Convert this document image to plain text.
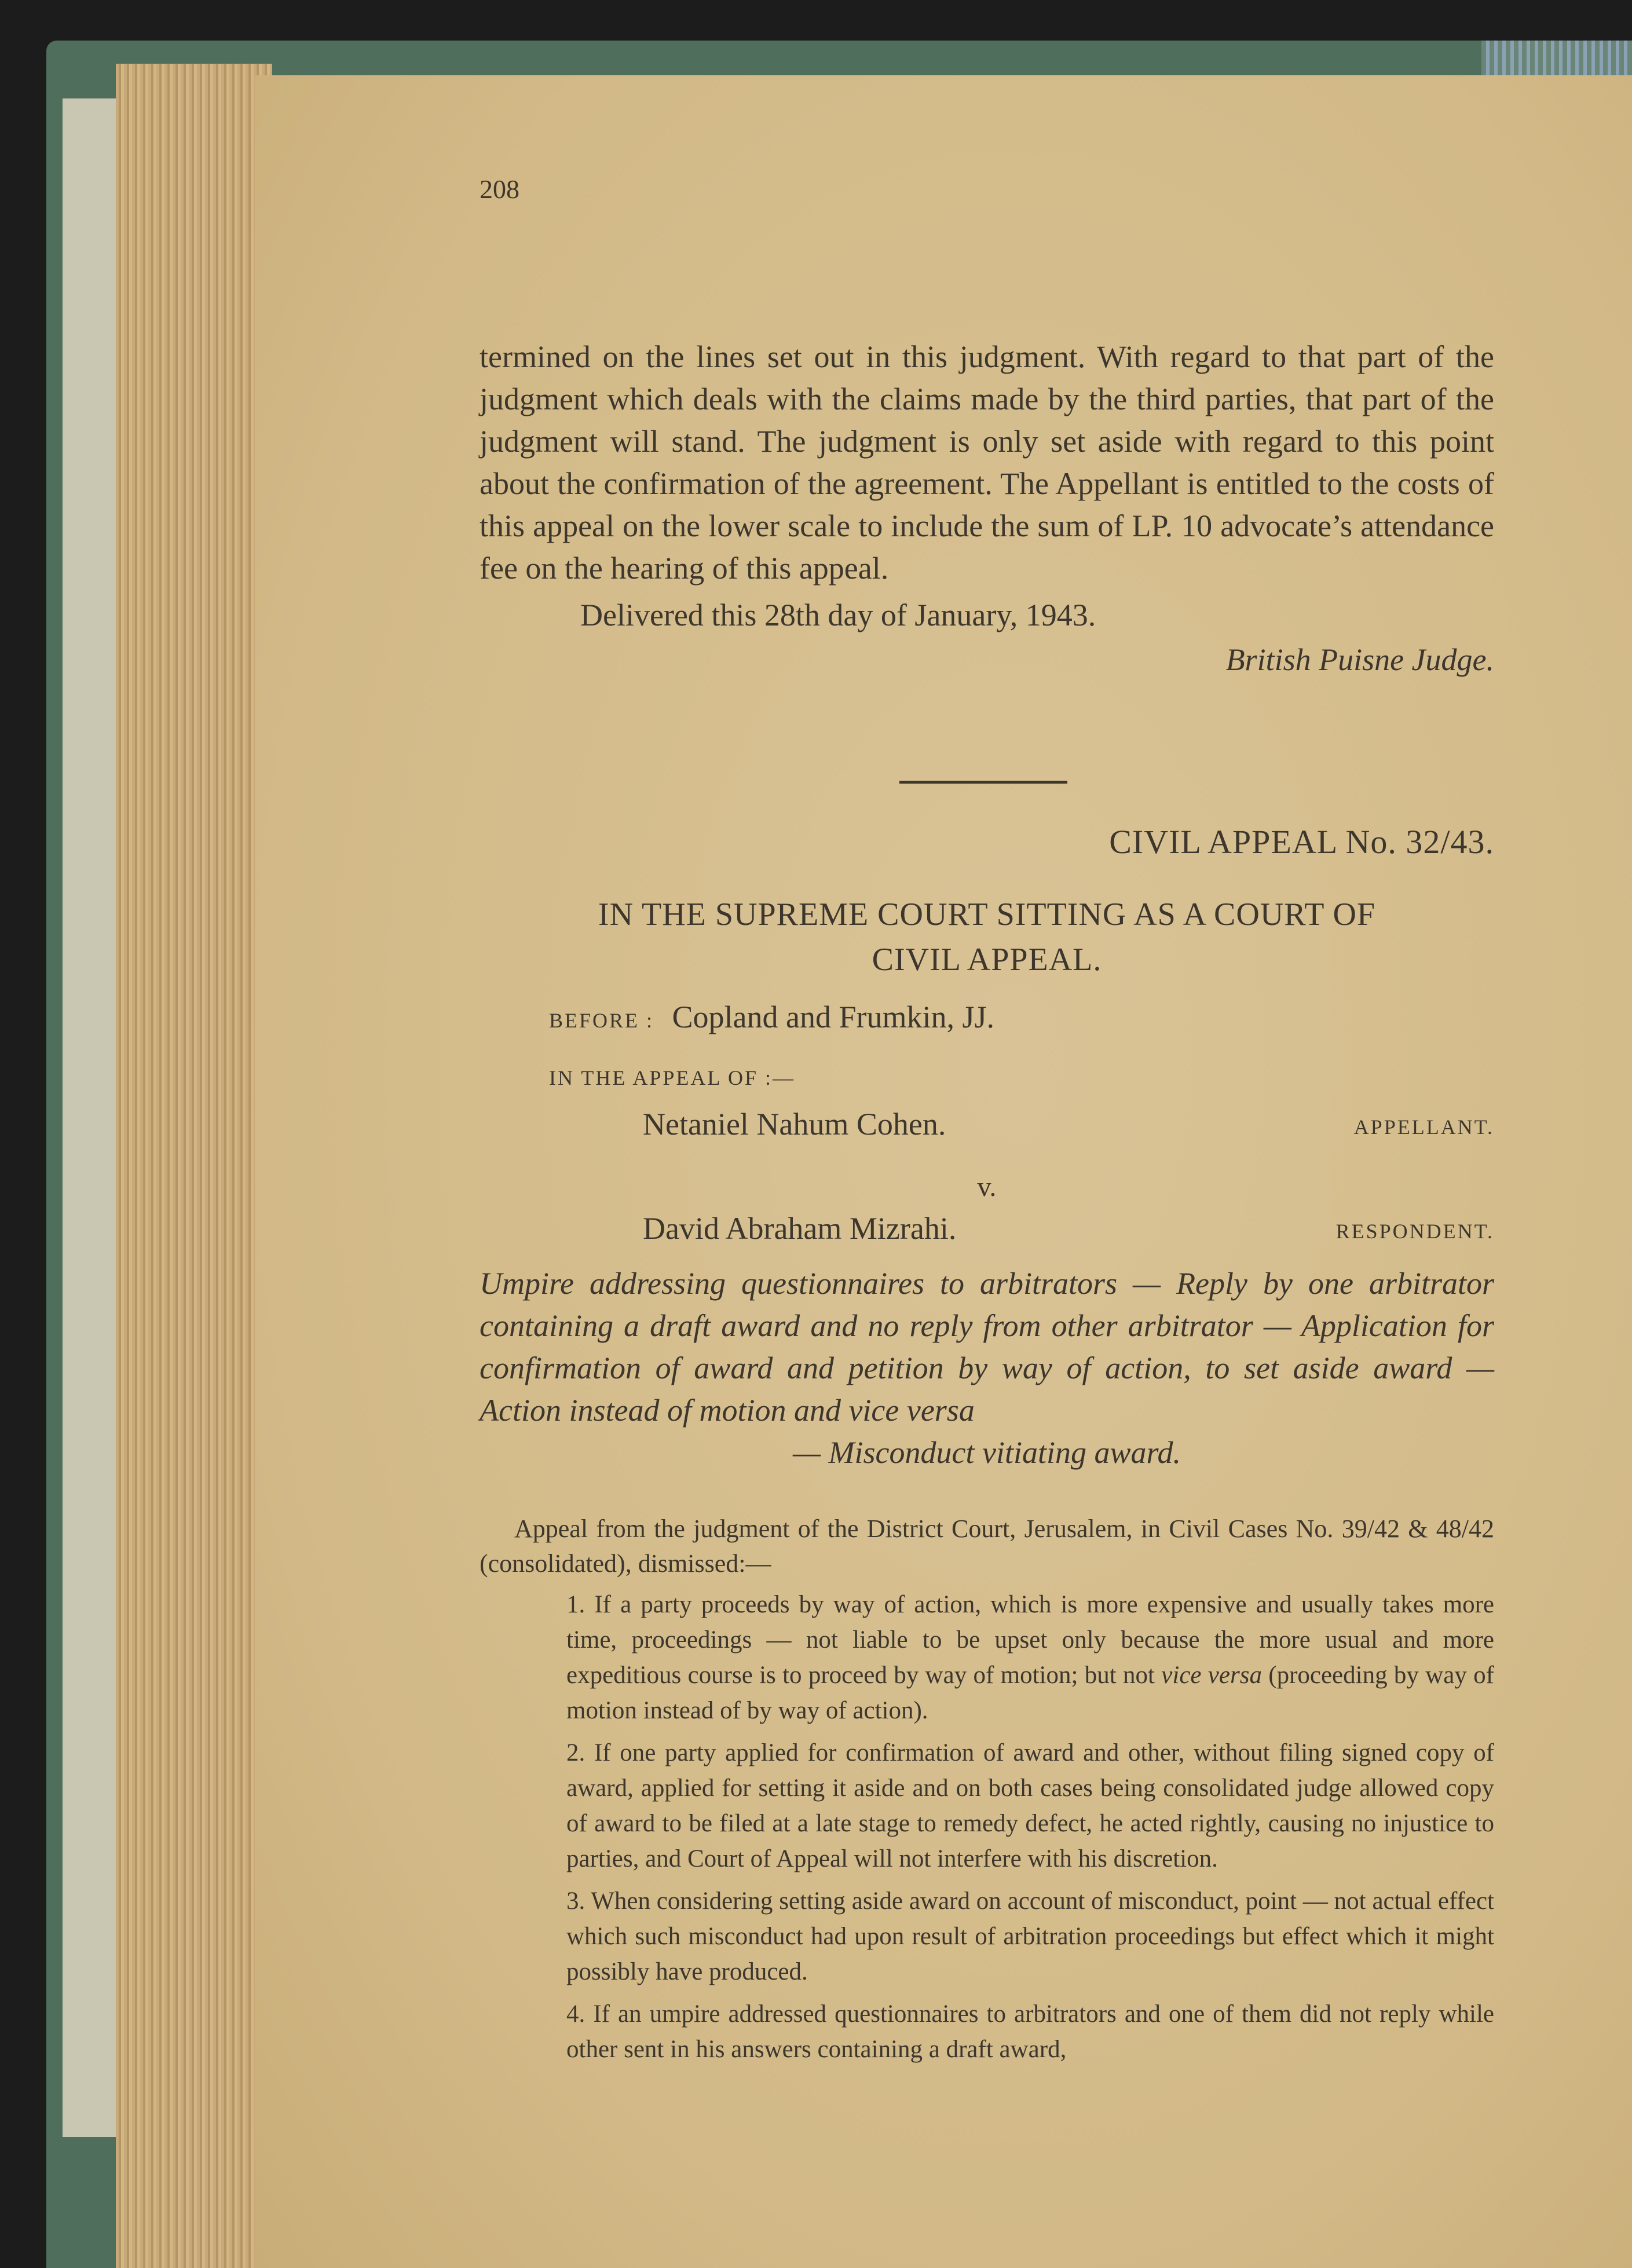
208

termined on the lines set out in this judgment. With regard to that part of the judgment which deals with the claims made by the third parties, that part of the judgment will stand. The judgment is only set aside with regard to this point about the confirmation of the agreement. The Appellant is entitled to the costs of this appeal on the lower scale to include the sum of LP. 10 advocate’s attendance fee on the hearing of this appeal.

Delivered this 28th day of January, 1943.

British Puisne Judge.
CIVIL APPEAL No. 32/43.
IN THE SUPREME COURT SITTING AS A COURT OF
CIVIL APPEAL.
BEFORE : Copland and Frumkin, JJ.
IN THE APPEAL OF :—
Netaniel Nahum Cohen.	APPELLANT.
v.
David Abraham Mizrahi.	RESPONDENT.
Umpire addressing questionnaires to arbitrators — Reply by one arbitrator containing a draft award and no reply from other arbitrator — Application for confirmation of award and petition by way of action, to set aside award — Action instead of motion and vice versa
— Misconduct vitiating award.
Appeal from the judgment of the District Court, Jerusalem, in Civil Cases No. 39/42 & 48/42 (consolidated), dismissed:—

1. If a party proceeds by way of action, which is more expensive and usually takes more time, proceedings — not liable to be upset only because the more usual and more expeditious course is to proceed by way of motion; but not vice versa (proceeding by way of motion instead of by way of action).

2. If one party applied for confirmation of award and other, without filing signed copy of award, applied for setting it aside and on both cases being consolidated judge allowed copy of award to be filed at a late stage to remedy defect, he acted rightly, causing no injustice to parties, and Court of Appeal will not interfere with his discretion.

3. When considering setting aside award on account of misconduct, point — not actual effect which such misconduct had upon result of arbitration proceedings but effect which it might possibly have produced.

4. If an umpire addressed questionnaires to arbitrators and one of them did not reply while other sent in his answers containing a draft award,
